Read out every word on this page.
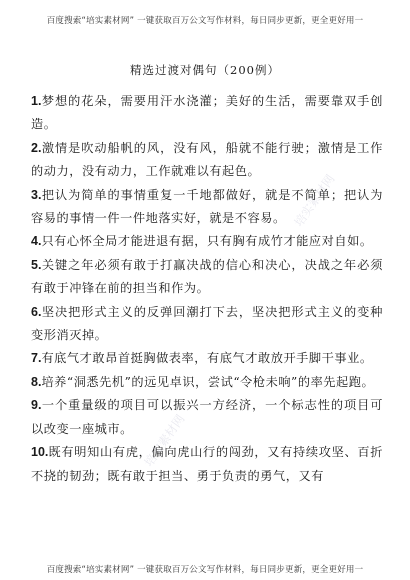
百度搜索“培实素材网” 一键获取百万公文写作材料，每日同步更新，更全更好用一
精选过渡对偶句（200例）
1.梦想的花朵，需要用汗水浇灌；美好的生活，需要靠双手创造。
2.激情是吹动船帆的风，没有风，船就不能行驶；激情是工作的动力，没有动力，工作就难以有起色。
3.把认为简单的事情重复一千地都做好，就是不简单；把认为容易的事情一件一件地落实好，就是不容易。
4.只有心怀全局才能进退有据，只有胸有成竹才能应对自如。
5.关键之年必须有敢于打赢决战的信心和决心，决战之年必须有敢于冲锋在前的担当和作为。
6.坚决把形式主义的反弹回潮打下去，坚决把形式主义的变种变形消灭掉。
7.有底气才敢昂首挺胸做表率，有底气才敢放开手脚干事业。
8.培养“洞悉先机”的远见卓识，尝试“令枪未响”的率先起跑。
9.一个重量级的项目可以振兴一方经济，一个标志性的项目可以改变一座城市。
10.既有明知山有虎，偏向虎山行的闯劲，又有持续攻坚、百折不挠的韧劲；既有敢于担当、勇于负责的勇气，又有
培实素材网
培实素材网
百度搜索“培实素材网” 一键获取百万公文写作材料，每日同步更新，更全更好用一
